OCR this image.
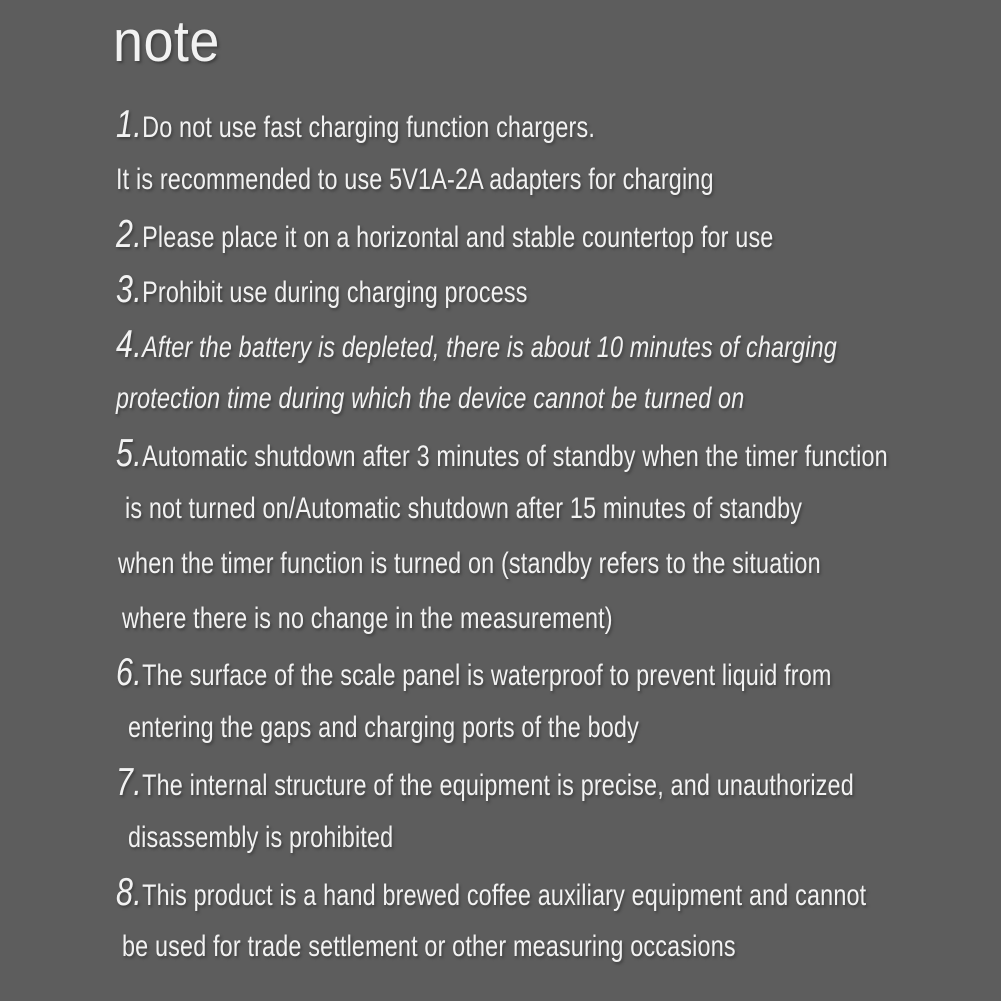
note
1.Do not use fast charging function chargers.
It is recommended to use 5V1A-2A adapters for charging
2.Please place it on a horizontal and stable countertop for use
3.Prohibit use during charging process
4.After the battery is depleted, there is about 10 minutes of charging
protection time during which the device cannot be turned on
5.Automatic shutdown after 3 minutes of standby when the timer function
is not turned on/Automatic shutdown after 15 minutes of standby
when the timer function is turned on (standby refers to the situation
where there is no change in the measurement)
6.The surface of the scale panel is waterproof to prevent liquid from
entering the gaps and charging ports of the body
7.The internal structure of the equipment is precise, and unauthorized
disassembly is prohibited
8.This product is a hand brewed coffee auxiliary equipment and cannot
be used for trade settlement or other measuring occasions
